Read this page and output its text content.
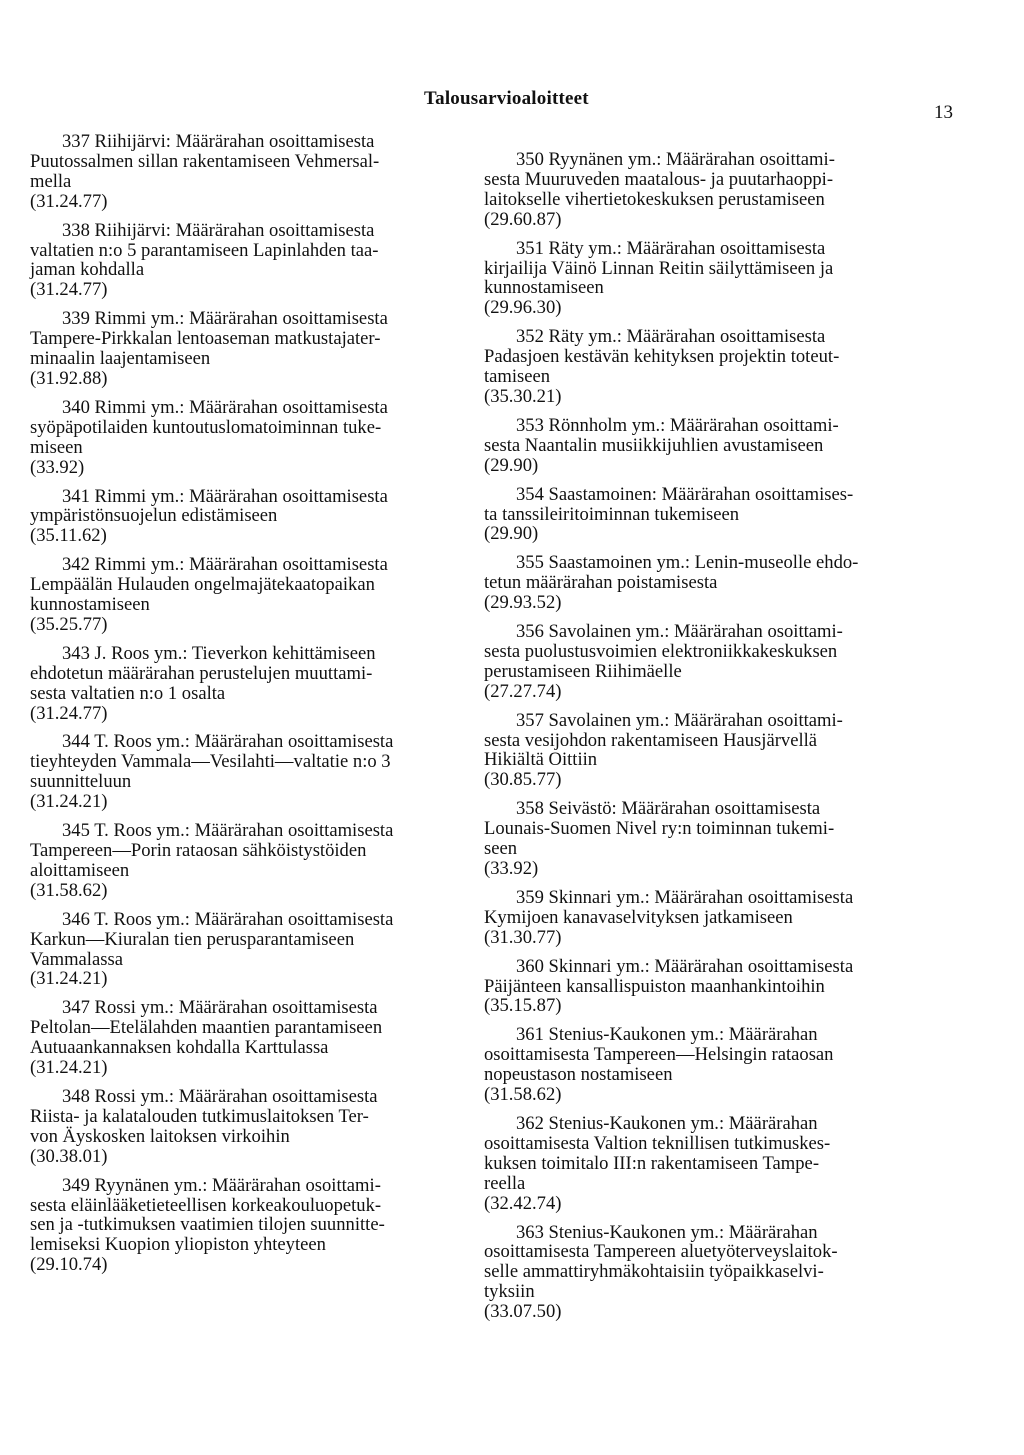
Talousarvioaloitteet
13
337 Riihijärvi: Määrärahan osoittamisesta
Puutossalmen sillan rakentamiseen Vehmersal-
mella
(31.24.77)
338 Riihijärvi: Määrärahan osoittamisesta
valtatien n:o 5 parantamiseen Lapinlahden taa-
jaman kohdalla
(31.24.77)
339 Rimmi ym.: Määrärahan osoittamisesta
Tampere-Pirkkalan lentoaseman matkustajater-
minaalin laajentamiseen
(31.92.88)
340 Rimmi ym.: Määrärahan osoittamisesta
syöpäpotilaiden kuntoutuslomatoiminnan tuke-
miseen
(33.92)
341 Rimmi ym.: Määrärahan osoittamisesta
ympäristönsuojelun edistämiseen
(35.11.62)
342 Rimmi ym.: Määrärahan osoittamisesta
Lempäälän Hulauden ongelmajätekaatopaikan
kunnostamiseen
(35.25.77)
343 J. Roos ym.: Tieverkon kehittämiseen
ehdotetun määrärahan perustelujen muuttami-
sesta valtatien n:o 1 osalta
(31.24.77)
344 T. Roos ym.: Määrärahan osoittamisesta
tieyhteyden Vammala—Vesilahti—valtatie n:o 3
suunnitteluun
(31.24.21)
345 T. Roos ym.: Määrärahan osoittamisesta
Tampereen—Porin rataosan sähköistystöiden
aloittamiseen
(31.58.62)
346 T. Roos ym.: Määrärahan osoittamisesta
Karkun—Kiuralan tien perusparantamiseen
Vammalassa
(31.24.21)
347 Rossi ym.: Määrärahan osoittamisesta
Peltolan—Etelälahden maantien parantamiseen
Autuaankannaksen kohdalla Karttulassa
(31.24.21)
348 Rossi ym.: Määrärahan osoittamisesta
Riista- ja kalatalouden tutkimuslaitoksen Ter-
von Äyskosken laitoksen virkoihin
(30.38.01)
349 Ryynänen ym.: Määrärahan osoittami-
sesta eläinlääketieteellisen korkeakouluopetuk-
sen ja -tutkimuksen vaatimien tilojen suunnitte-
lemiseksi Kuopion yliopiston yhteyteen
(29.10.74)
350 Ryynänen ym.: Määrärahan osoittami-
sesta Muuruveden maatalous- ja puutarhaoppi-
laitokselle vihertietokeskuksen perustamiseen
(29.60.87)
351 Räty ym.: Määrärahan osoittamisesta
kirjailija Väinö Linnan Reitin säilyttämiseen ja
kunnostamiseen
(29.96.30)
352 Räty ym.: Määrärahan osoittamisesta
Padasjoen kestävän kehityksen projektin toteut-
tamiseen
(35.30.21)
353 Rönnholm ym.: Määrärahan osoittami-
sesta Naantalin musiikkijuhlien avustamiseen
(29.90)
354 Saastamoinen: Määrärahan osoittamises-
ta tanssileiritoiminnan tukemiseen
(29.90)
355 Saastamoinen ym.: Lenin-museolle ehdo-
tetun määrärahan poistamisesta
(29.93.52)
356 Savolainen ym.: Määrärahan osoittami-
sesta puolustusvoimien elektroniikkakeskuksen
perustamiseen Riihimäelle
(27.27.74)
357 Savolainen ym.: Määrärahan osoittami-
sesta vesijohdon rakentamiseen Hausjärvellä
Hikiältä Oittiin
(30.85.77)
358 Seivästö: Määrärahan osoittamisesta
Lounais-Suomen Nivel ry:n toiminnan tukemi-
seen
(33.92)
359 Skinnari ym.: Määrärahan osoittamisesta
Kymijoen kanavaselvityksen jatkamiseen
(31.30.77)
360 Skinnari ym.: Määrärahan osoittamisesta
Päijänteen kansallispuiston maanhankintoihin
(35.15.87)
361 Stenius-Kaukonen ym.: Määrärahan
osoittamisesta Tampereen—Helsingin rataosan
nopeustason nostamiseen
(31.58.62)
362 Stenius-Kaukonen ym.: Määrärahan
osoittamisesta Valtion teknillisen tutkimuskes-
kuksen toimitalo III:n rakentamiseen Tampe-
reella
(32.42.74)
363 Stenius-Kaukonen ym.: Määrärahan
osoittamisesta Tampereen aluetyöterveyslaitok-
selle ammattiryhmäkohtaisiin työpaikkaselvi-
tyksiin
(33.07.50)
